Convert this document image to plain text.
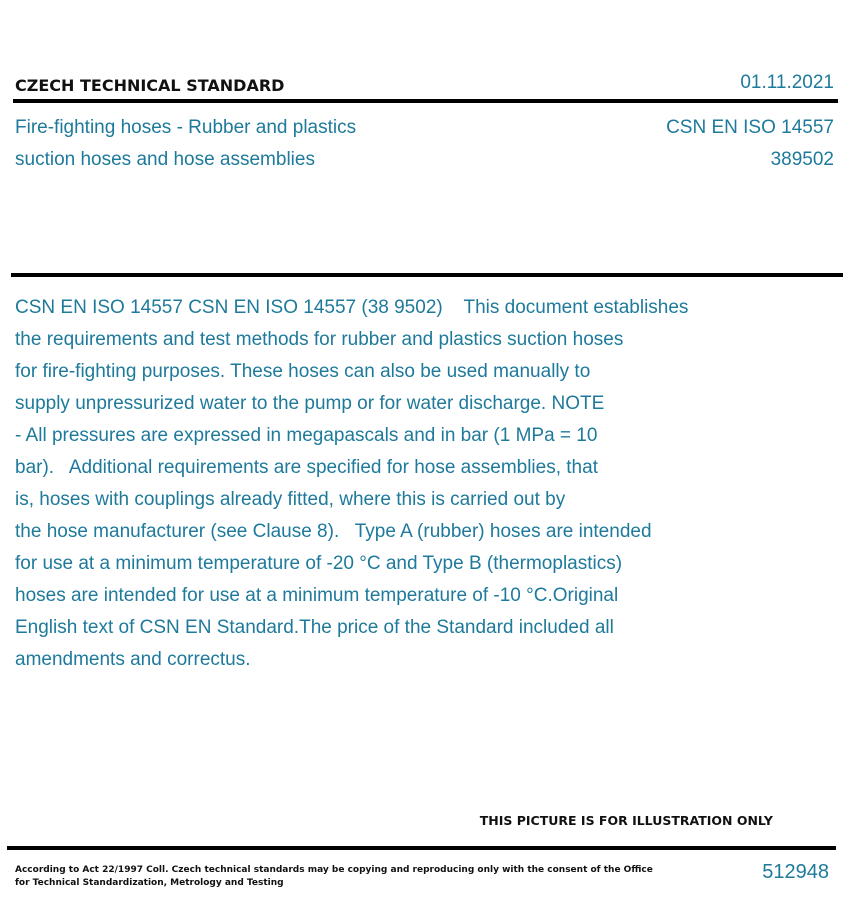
CZECH TECHNICAL STANDARD	01.11.2021
Fire-fighting hoses - Rubber and plastics
suction hoses and hose assemblies
CSN EN ISO 14557
389502
CSN EN ISO 14557 CSN EN ISO 14557 (38 9502)    This document establishes
the requirements and test methods for rubber and plastics suction hoses
for fire-fighting purposes. These hoses can also be used manually to
supply unpressurized water to the pump or for water discharge. NOTE
- All pressures are expressed in megapascals and in bar (1 MPa = 10
bar).   Additional requirements are specified for hose assemblies, that
is, hoses with couplings already fitted, where this is carried out by
the hose manufacturer (see Clause 8).   Type A (rubber) hoses are intended
for use at a minimum temperature of -20 °C and Type B (thermoplastics)
hoses are intended for use at a minimum temperature of -10 °C.Original
English text of CSN EN Standard.The price of the Standard included all
amendments and correctus.
THIS PICTURE IS FOR ILLUSTRATION ONLY
According to Act 22/1997 Coll. Czech technical standards may be copying and reproducing only with the consent of the Office
for Technical Standardization, Metrology and Testing	512948
